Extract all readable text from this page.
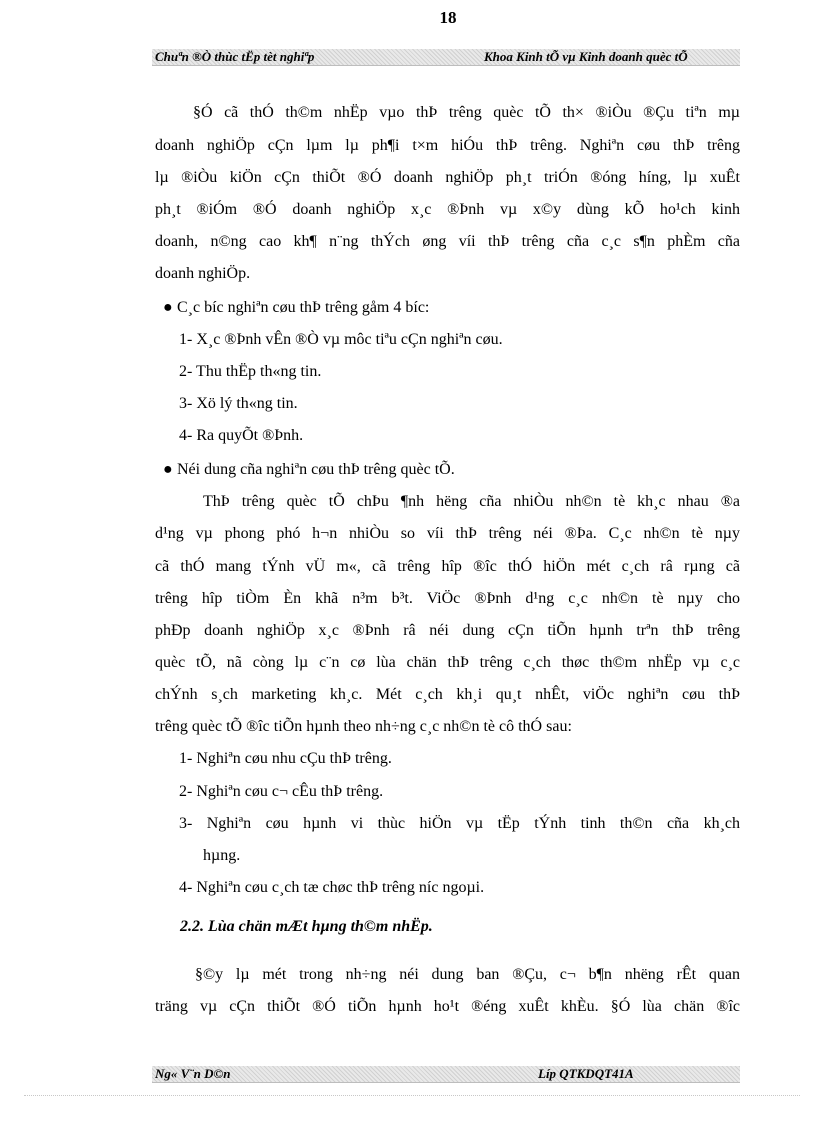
18
Chuªn ®Ò thùc tËp tèt nghiªp	Khoa Kinh tÕ vµ Kinh doanh quèc tÕ
§Ó cã thÓ th©m nhËp vµo thÞ trêng quèc tÕ th× ®iÒu ®Çu tiªn mµ
doanh nghiÖp cÇn lµm lµ ph¶i t×m hiÓu thÞ trêng. Nghiªn cøu thÞ trêng
lµ ®iÒu kiÖn cÇn thiÕt ®Ó doanh nghiÖp ph¸t triÓn ®óng híng, lµ xuÊt
ph¸t ®iÓm ®Ó doanh nghiÖp x¸c ®Þnh vµ x©y dùng kÕ ho¹ch kinh
doanh, n©ng cao kh¶ n¨ng thÝch øng víi thÞ trêng cña c¸c s¶n phÈm cña
doanh nghiÖp.
● C¸c bíc nghiªn cøu thÞ trêng gåm 4 bíc:
1- X¸c ®Þnh vÊn ®Ò vµ môc tiªu cÇn nghiªn cøu.
2- Thu thËp th«ng tin.
3- Xö lý th«ng tin.
4- Ra quyÕt ®Þnh.
● Néi dung cña nghiªn cøu thÞ trêng quèc tÕ.
ThÞ trêng quèc tÕ chÞu ¶nh hëng cña nhiÒu nh©n tè kh¸c nhau ®a
d¹ng vµ phong phó h¬n nhiÒu so víi thÞ trêng néi ®Þa. C¸c nh©n tè nµy
cã thÓ mang tÝnh vÜ m«, cã trêng hîp ®îc thÓ hiÖn mét c¸ch râ rµng cã
trêng hîp tiÒm Èn khã n³m b³t. ViÖc ®Þnh d¹ng c¸c nh©n tè nµy cho
phÐp doanh nghiÖp x¸c ®Þnh râ néi dung cÇn tiÕn hµnh trªn thÞ trêng
quèc tÕ, nã còng lµ c¨n cø lùa chän thÞ trêng c¸ch thøc th©m nhËp vµ c¸c
chÝnh s¸ch marketing kh¸c. Mét c¸ch kh¸i qu¸t nhÊt, viÖc nghiªn cøu thÞ
trêng quèc tÕ ®îc tiÕn hµnh theo nh÷ng c¸c nh©n tè cô thÓ sau:
1- Nghiªn cøu nhu cÇu thÞ trêng.
2- Nghiªn cøu c¬ cÊu thÞ trêng.
3- Nghiªn cøu hµnh vi thùc hiÖn vµ tËp tÝnh tinh th©n cña kh¸ch
hµng.
4- Nghiªn cøu c¸ch tæ chøc thÞ trêng níc ngoµi.
2.2. Lùa chän mÆt hµng th©m nhËp.
§©y lµ mét trong nh÷ng néi dung ban ®Çu, c¬ b¶n nhëng rÊt quan
träng vµ cÇn thiÕt ®Ó tiÕn hµnh ho¹t ®éng xuÊt khÈu. §Ó lùa chän ®îc
Ng« V¨n D©n	Líp QTKDQT41A
